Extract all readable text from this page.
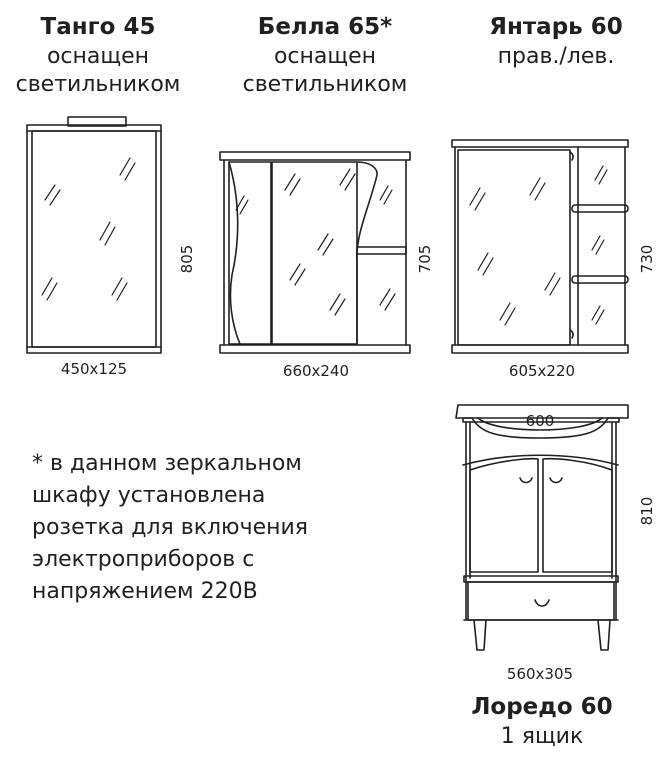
Танго 45
оснащен
светильником
Белла 65*
оснащен
светильником
Янтарь 60
прав./лев.
450x125	660x240	605x220
560x305
600
805	705	730
810
Лоредо 60
1 ящик
* в данном зеркальном
шкафу установлена
розетка для включения
электроприборов с
напряжением 220В
